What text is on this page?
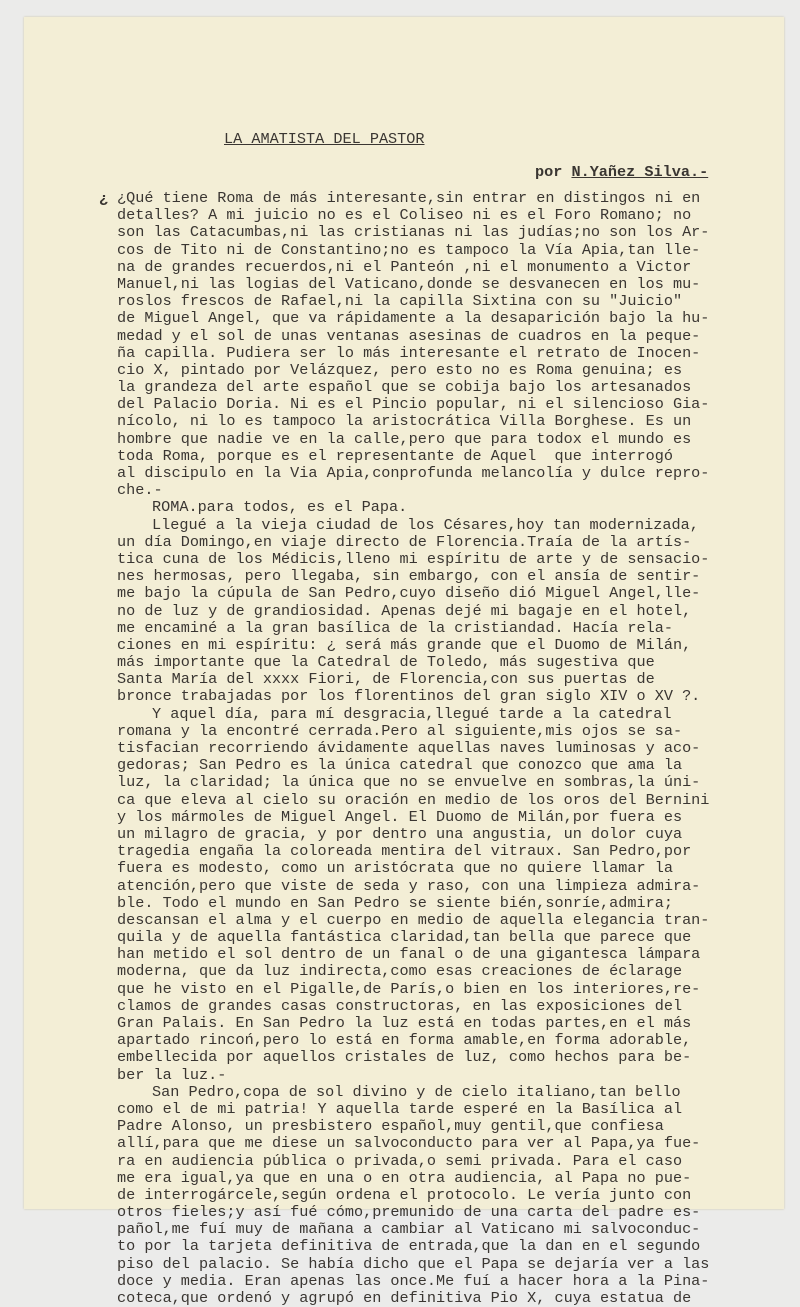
LA AMATISTA DEL PASTOR
por N.Yañez Silva.-
¿ ¿Qué tiene Roma de más interesante,sin entrar en distingos ni en
detalles? A mi juicio no es el Coliseo ni es el Foro Romano; no
son las Catacumbas,ni las cristianas ni las judías;no son los Ar-
cos de Tito ni de Constantino;no es tampoco la Vía Apia,tan lle-
na de grandes recuerdos,ni el Panteón ,ni el monumento a Victor
Manuel,ni las logias del Vaticano,donde se desvanecen en los mu-
roslos frescos de Rafael,ni la capilla Sixtina con su "Juicio"
de Miguel Angel, que va rápidamente a la desaparición bajo la hu-
medad y el sol de unas ventanas asesinas de cuadros en la peque-
ña capilla. Pudiera ser lo más interesante el retrato de Inocen-
cio X, pintado por Velázquez, pero esto no es Roma genuina; es
la grandeza del arte español que se cobija bajo los artesanados
del Palacio Doria. Ni es el Pincio popular, ni el silencioso Gia-
nícolo, ni lo es tampoco la aristocrática Villa Borghese. Es un
hombre que nadie ve en la calle,pero que para todox el mundo es
toda Roma, porque es el representante de Aquel  que interrogó
al discipulo en la Via Apia,conprofunda melancolía y dulce repro-
che.-
ROMA.para todos, es el Papa.
Llegué a la vieja ciudad de los Césares,hoy tan modernizada,
un día Domingo,en viaje directo de Florencia.Traía de la artís-
tica cuna de los Médicis,lleno mi espíritu de arte y de sensacio-
nes hermosas, pero llegaba, sin embargo, con el ansía de sentir-
me bajo la cúpula de San Pedro,cuyo diseño dió Miguel Angel,lle-
no de luz y de grandiosidad. Apenas dejé mi bagaje en el hotel,
me encaminé a la gran basílica de la cristiandad. Hacía rela-
ciones en mi espíritu: ¿ será más grande que el Duomo de Milán,
más importante que la Catedral de Toledo, más sugestiva que
Santa María del xxxx Fiori, de Florencia,con sus puertas de
bronce trabajadas por los florentinos del gran siglo XIV o XV ?.
Y aquel día, para mí desgracia,llegué tarde a la catedral
romana y la encontré cerrada.Pero al siguiente,mis ojos se sa-
tisfacian recorriendo ávidamente aquellas naves luminosas y aco-
gedoras; San Pedro es la única catedral que conozco que ama la
luz, la claridad; la única que no se envuelve en sombras,la úni-
ca que eleva al cielo su oración en medio de los oros del Bernini
y los mármoles de Miguel Angel. El Duomo de Milán,por fuera es
un milagro de gracia, y por dentro una angustia, un dolor cuya
tragedia engaña la coloreada mentira del vitraux. San Pedro,por
fuera es modesto, como un aristócrata que no quiere llamar la
atención,pero que viste de seda y raso, con una limpieza admira-
ble. Todo el mundo en San Pedro se siente bién,sonríe,admira;
descansan el alma y el cuerpo en medio de aquella elegancia tran-
quila y de aquella fantástica claridad,tan bella que parece que
han metido el sol dentro de un fanal o de una gigantesca lámpara
moderna, que da luz indirecta,como esas creaciones de éclarage
que he visto en el Pigalle,de París,o bien en los interiores,re-
clamos de grandes casas constructoras, en las exposiciones del
Gran Palais. En San Pedro la luz está en todas partes,en el más
apartado rincoń,pero lo está en forma amable,en forma adorable,
embellecida por aquellos cristales de luz, como hechos para be-
ber la luz.-
San Pedro,copa de sol divino y de cielo italiano,tan bello
como el de mi patria! Y aquella tarde esperé en la Basílica al
Padre Alonso, un presbistero español,muy gentil,que confiesa
allí,para que me diese un salvoconducto para ver al Papa,ya fue-
ra en audiencia pública o privada,o semi privada. Para el caso
me era igual,ya que en una o en otra audiencia, al Papa no pue-
de interrogárcele,según ordena el protocolo. Le vería junto con
otros fieles;y así fué cómo,premunido de una carta del padre es-
pañol,me fuí muy de mañana a cambiar al Vaticano mi salvoconduc-
to por la tarjeta definitiva de entrada,que la dan en el segundo
piso del palacio. Se había dicho que el Papa se dejaría ver a las
doce y media. Eran apenas las once.Me fuí a hacer hora a la Pina-
coteca,que ordenó y agrupó en definitiva Pio X, cuya estatua de
